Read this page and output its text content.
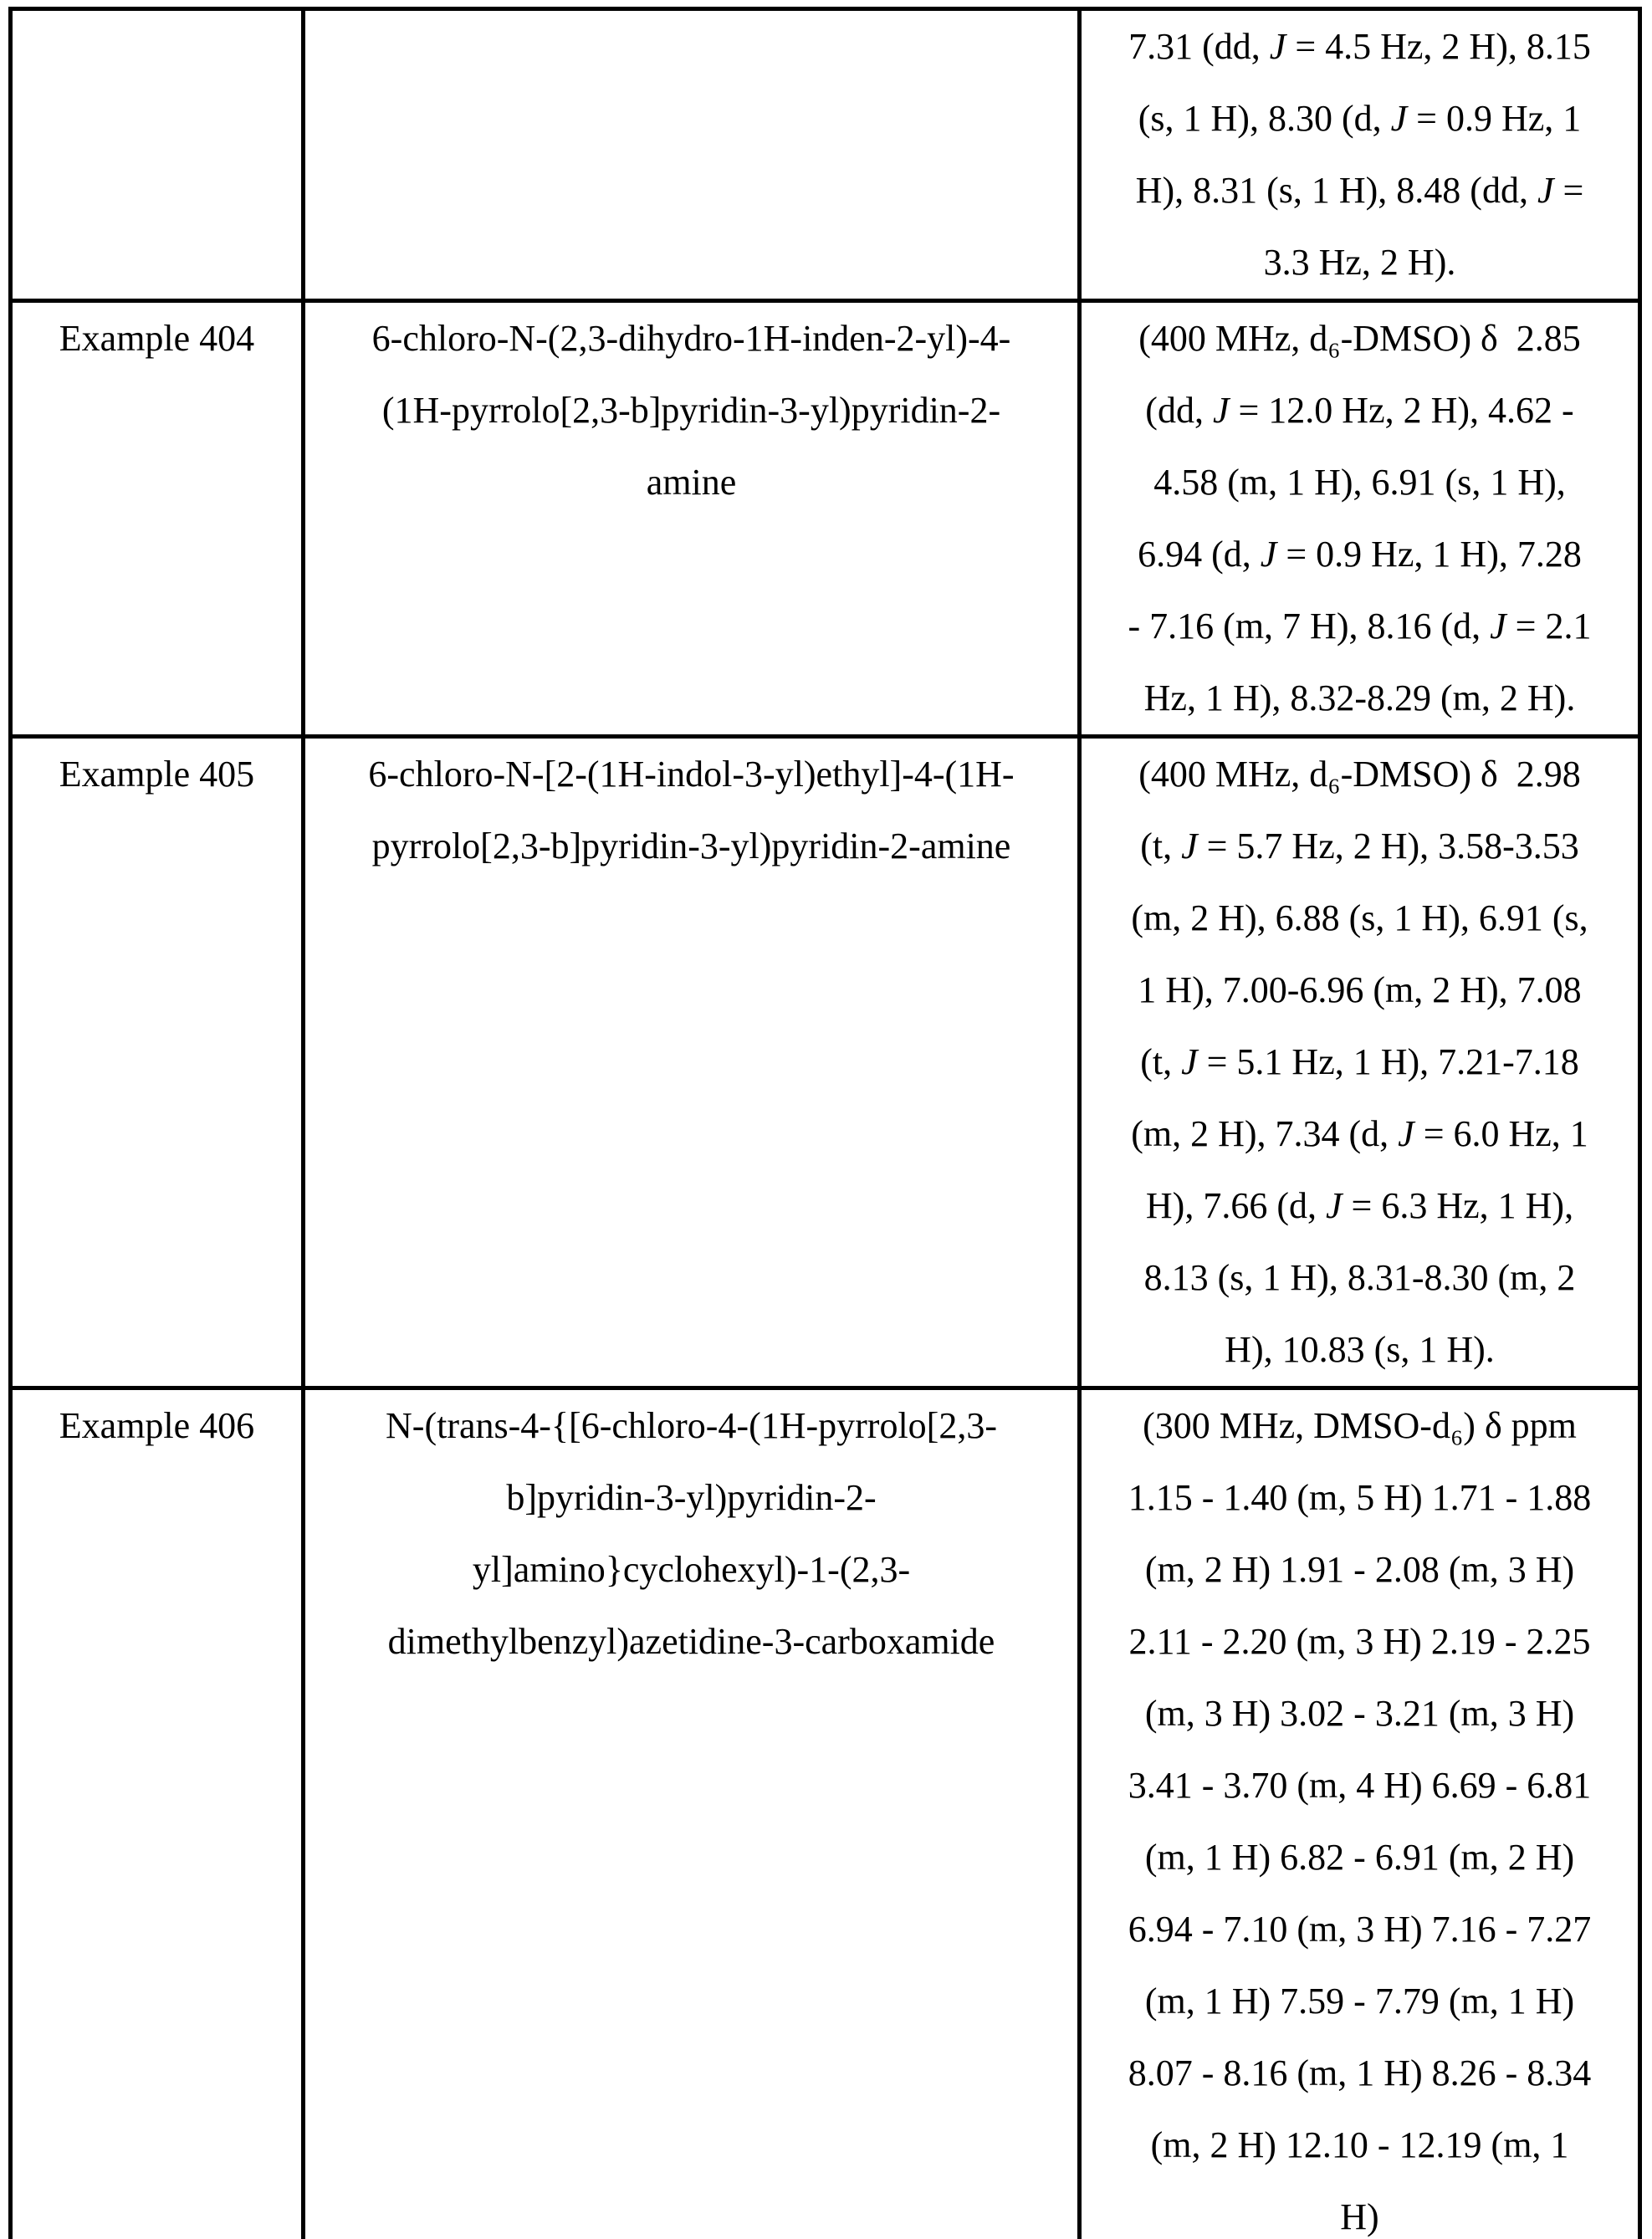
		7.31 (dd, J = 4.5 Hz, 2 H), 8.15
(s, 1 H), 8.30 (d, J = 0.9 Hz, 1
H), 8.31 (s, 1 H), 8.48 (dd, J =
3.3 Hz, 2 H).
Example 404	6-chloro-N-(2,3-dihydro-1H-inden-2-yl)-4-
(1H-pyrrolo[2,3-b]pyridin-3-yl)pyridin-2-
amine	(400 MHz, d₆-DMSO) δ  2.85
(dd, J = 12.0 Hz, 2 H), 4.62 -
4.58 (m, 1 H), 6.91 (s, 1 H),
6.94 (d, J = 0.9 Hz, 1 H), 7.28
- 7.16 (m, 7 H), 8.16 (d, J = 2.1
Hz, 1 H), 8.32-8.29 (m, 2 H).
Example 405	6-chloro-N-[2-(1H-indol-3-yl)ethyl]-4-(1H-
pyrrolo[2,3-b]pyridin-3-yl)pyridin-2-amine	(400 MHz, d₆-DMSO) δ  2.98
(t, J = 5.7 Hz, 2 H), 3.58-3.53
(m, 2 H), 6.88 (s, 1 H), 6.91 (s,
1 H), 7.00-6.96 (m, 2 H), 7.08
(t, J = 5.1 Hz, 1 H), 7.21-7.18
(m, 2 H), 7.34 (d, J = 6.0 Hz, 1
H), 7.66 (d, J = 6.3 Hz, 1 H),
8.13 (s, 1 H), 8.31-8.30 (m, 2
H), 10.83 (s, 1 H).
Example 406	N-(trans-4-{[6-chloro-4-(1H-pyrrolo[2,3-
b]pyridin-3-yl)pyridin-2-
yl]amino}cyclohexyl)-1-(2,3-
dimethylbenzyl)azetidine-3-carboxamide	(300 MHz, DMSO-d₆) δ ppm
1.15 - 1.40 (m, 5 H) 1.71 - 1.88
(m, 2 H) 1.91 - 2.08 (m, 3 H)
2.11 - 2.20 (m, 3 H) 2.19 - 2.25
(m, 3 H) 3.02 - 3.21 (m, 3 H)
3.41 - 3.70 (m, 4 H) 6.69 - 6.81
(m, 1 H) 6.82 - 6.91 (m, 2 H)
6.94 - 7.10 (m, 3 H) 7.16 - 7.27
(m, 1 H) 7.59 - 7.79 (m, 1 H)
8.07 - 8.16 (m, 1 H) 8.26 - 8.34
(m, 2 H) 12.10 - 12.19 (m, 1
H)
